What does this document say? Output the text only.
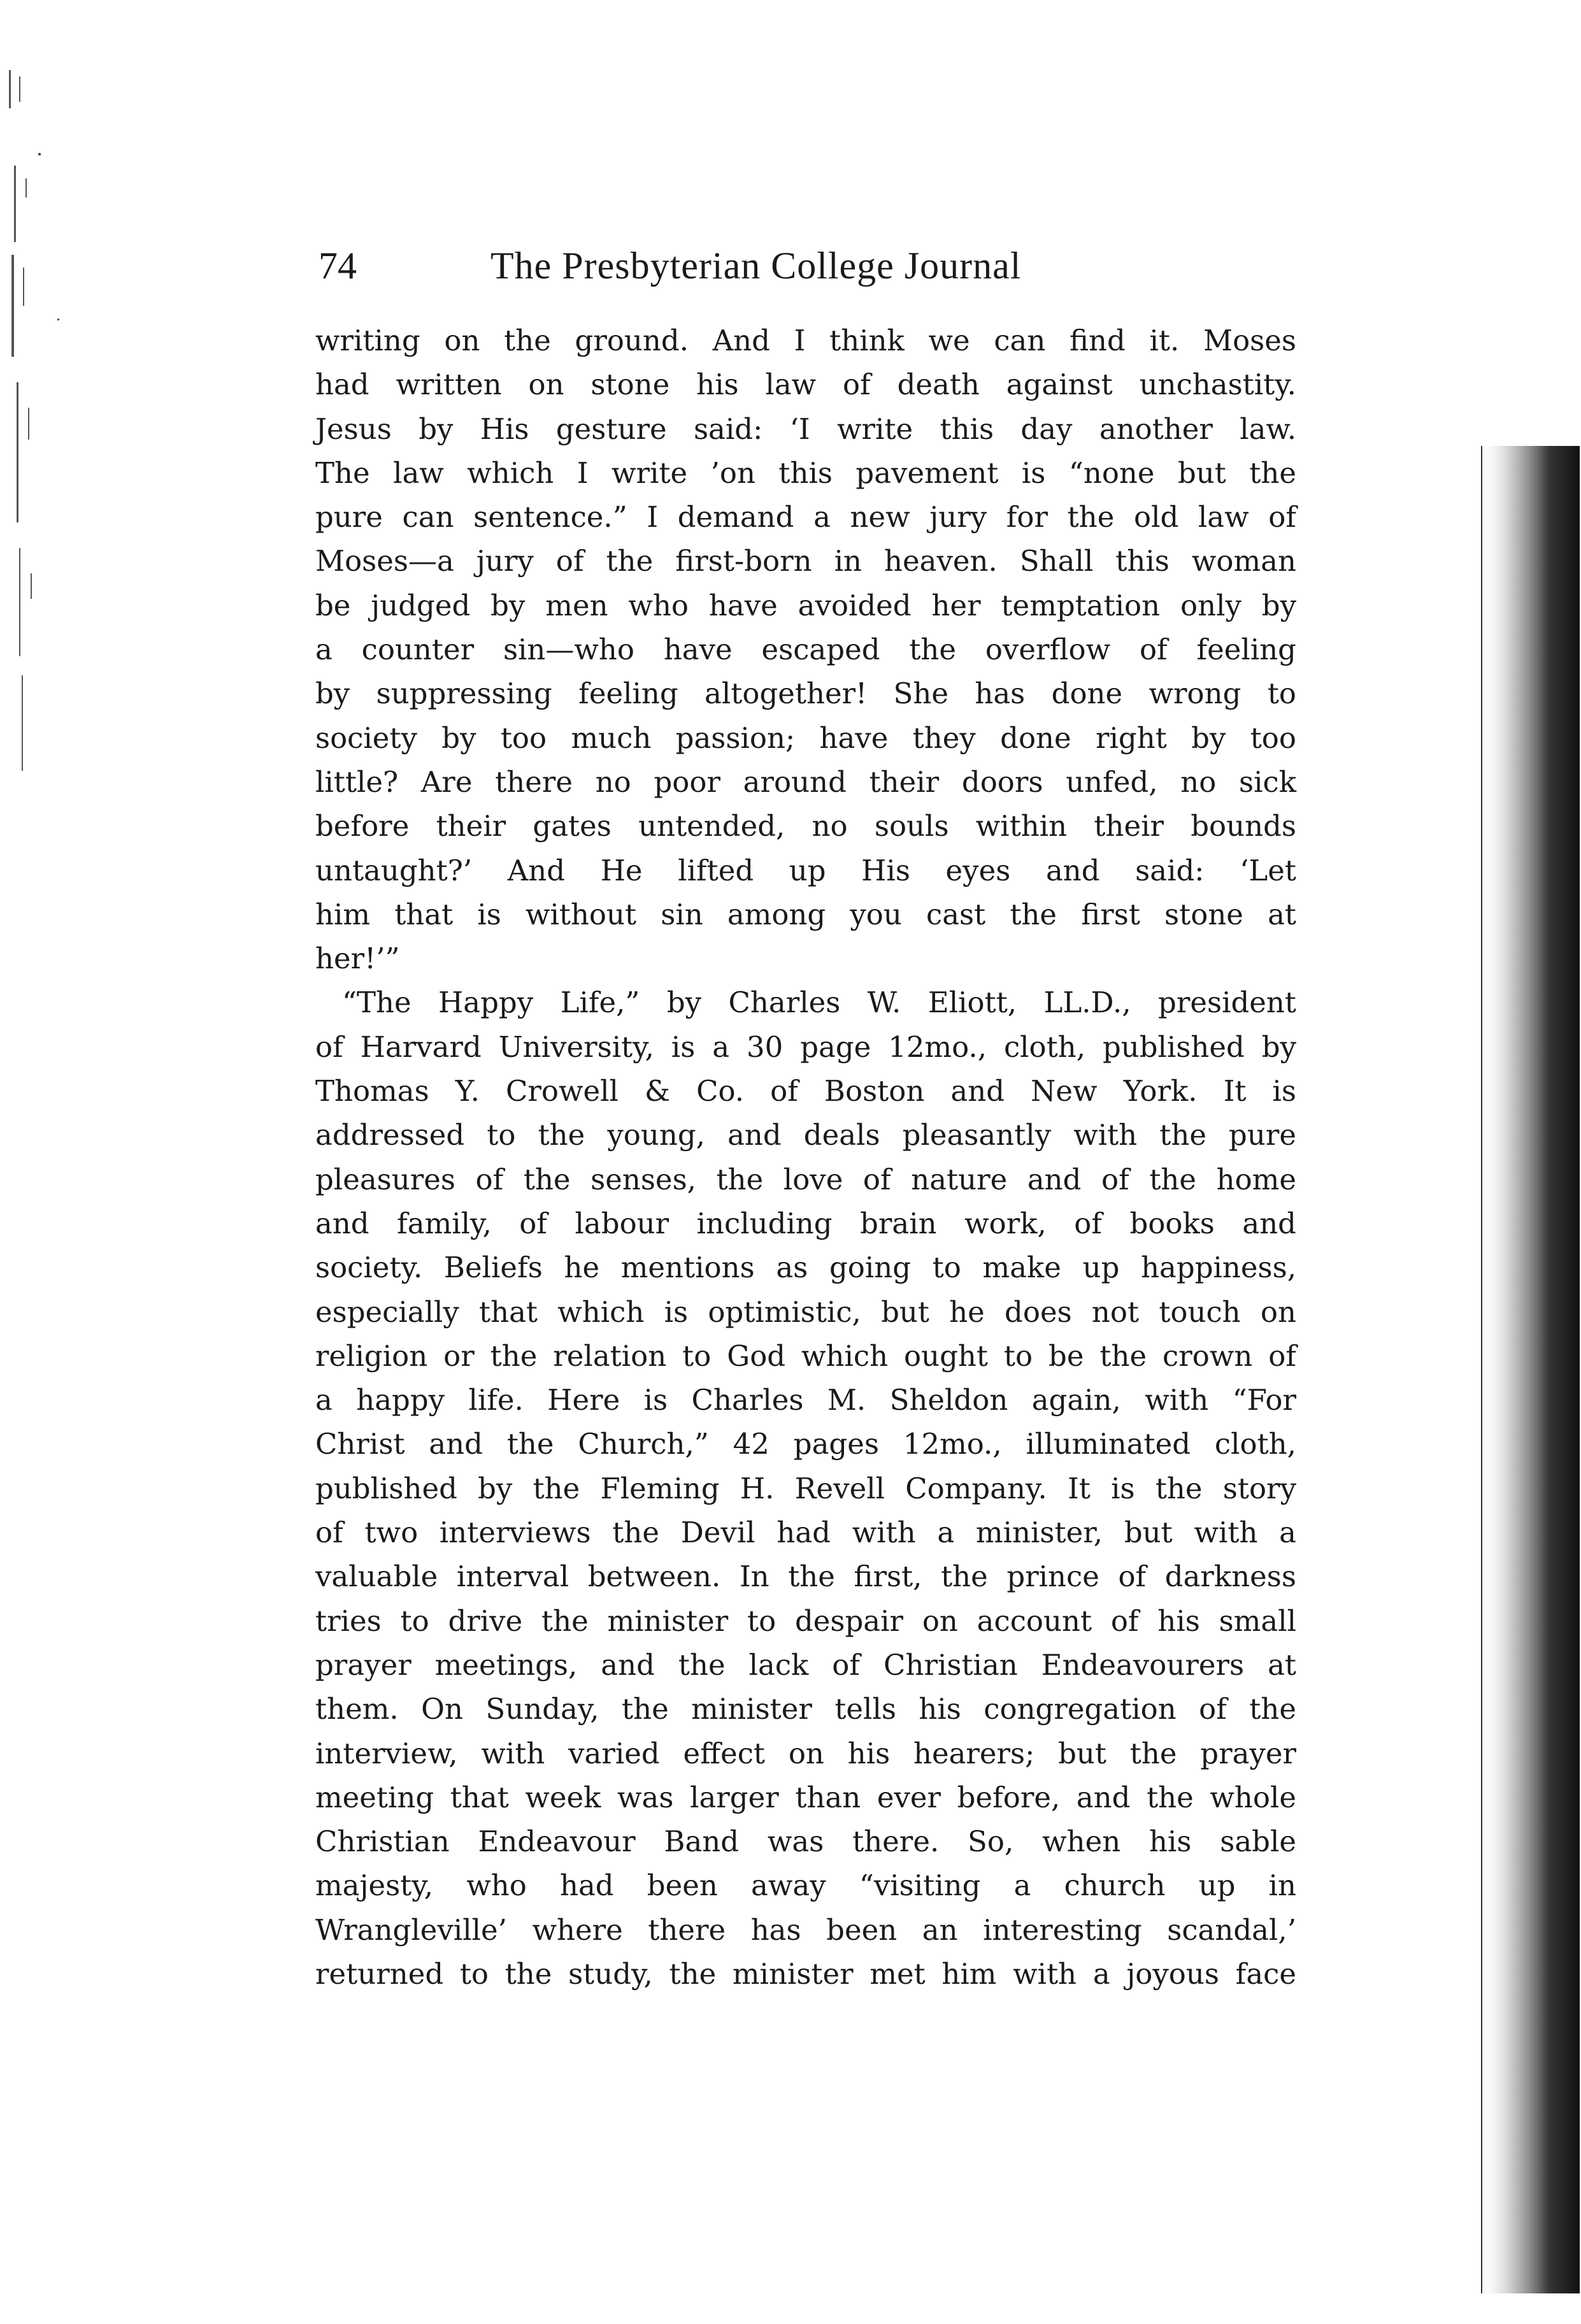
74	The Presbyterian College Journal
writing on the ground. And I think we can find it. Moses
had written on stone his law of death against unchastity.
Jesus by His gesture said: ‘I write this day another law.
The law which I write ’on this pavement is “none but the
pure can sentence.” I demand a new jury for the old law of
Moses—a jury of the first-born in heaven. Shall this woman
be judged by men who have avoided her temptation only by
a counter sin—who have escaped the overflow of feeling
by suppressing feeling altogether! She has done wrong to
society by too much passion; have they done right by too
little? Are there no poor around their doors unfed, no sick
before their gates untended, no souls within their bounds
untaught?’ And He lifted up His eyes and said: ‘Let
him that is without sin among you cast the first stone at
her!’”
“The Happy Life,” by Charles W. Eliott, LL.D., president
of Harvard University, is a 30 page 12mo., cloth, published by
Thomas Y. Crowell & Co. of Boston and New York. It is
addressed to the young, and deals pleasantly with the pure
pleasures of the senses, the love of nature and of the home
and family, of labour including brain work, of books and
society. Beliefs he mentions as going to make up happiness,
especially that which is optimistic, but he does not touch on
religion or the relation to God which ought to be the crown of
a happy life. Here is Charles M. Sheldon again, with “For
Christ and the Church,” 42 pages 12mo., illuminated cloth,
published by the Fleming H. Revell Company. It is the story
of two interviews the Devil had with a minister, but with a
valuable interval between. In the first, the prince of darkness
tries to drive the minister to despair on account of his small
prayer meetings, and the lack of Christian Endeavourers at
them. On Sunday, the minister tells his congregation of the
interview, with varied effect on his hearers; but the prayer
meeting that week was larger than ever before, and the whole
Christian Endeavour Band was there. So, when his sable
majesty, who had been away “visiting a church up in
Wrangleville’ where there has been an interesting scandal,’
returned to the study, the minister met him with a joyous face
